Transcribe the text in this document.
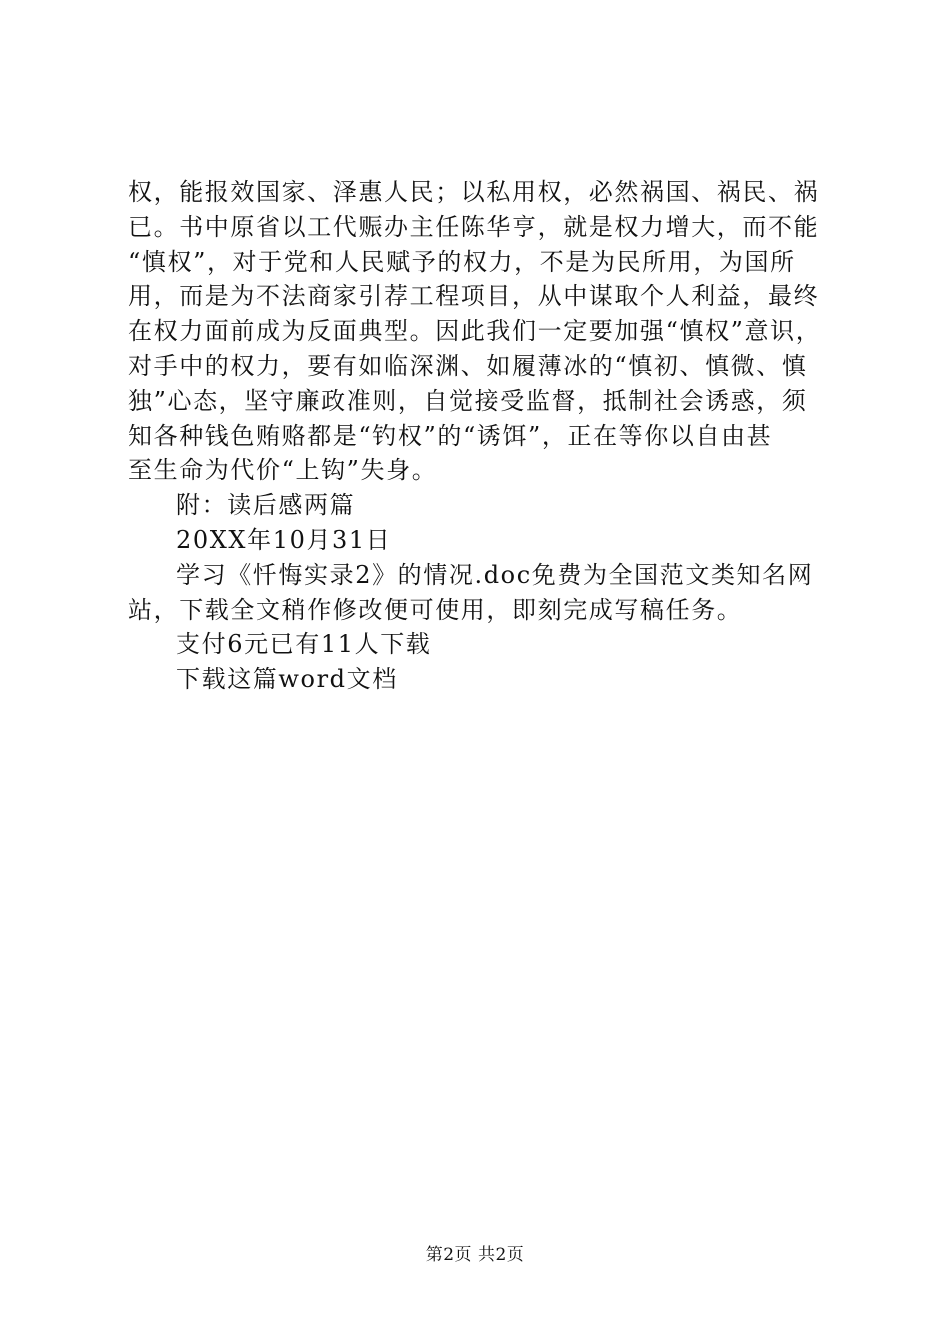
权，能报效国家、泽惠人民；以私用权，必然祸国、祸民、祸
已。书中原省以工代赈办主任陈华亨，就是权力增大，而不能
“慎权”，对于党和人民赋予的权力，不是为民所用，为国所
用，而是为不法商家引荐工程项目，从中谋取个人利益，最终
在权力面前成为反面典型。因此我们一定要加强“慎权”意识，
对手中的权力，要有如临深渊、如履薄冰的“慎初、慎微、慎
独”心态，坚守廉政准则，自觉接受监督，抵制社会诱惑，须
知各种钱色贿赂都是“钓权”的“诱饵”，正在等你以自由甚
至生命为代价“上钩”失身。
附：读后感两篇
20XX年10月31日
学习《忏悔实录2》的情况.doc免费为全国范文类知名网
站，下载全文稍作修改便可使用，即刻完成写稿任务。
支付6元已有11人下载
下载这篇word文档
第2页 共2页
